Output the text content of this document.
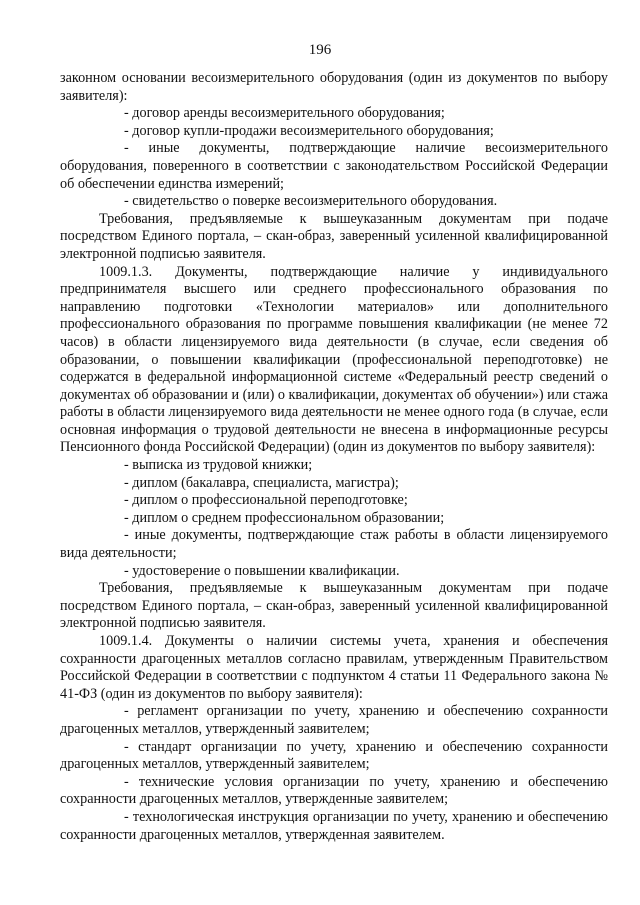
196

законном основании весоизмерительного оборудования (один из документов по выбору заявителя):

- договор аренды весоизмерительного оборудования;

- договор купли-продажи весоизмерительного оборудования;

- иные документы, подтверждающие наличие весоизмерительного оборудования, поверенного в соответствии с законодательством Российской Федерации об обеспечении единства измерений;

- свидетельство о поверке весоизмерительного оборудования.

Требования, предъявляемые к вышеуказанным документам при подаче посредством Единого портала, – скан-образ, заверенный усиленной квалифицированной электронной подписью заявителя.

1009.1.3. Документы, подтверждающие наличие у индивидуального предпринимателя высшего или среднего профессионального образования по направлению подготовки «Технологии материалов» или дополнительного профессионального образования по программе повышения квалификации (не менее 72 часов) в области лицензируемого вида деятельности (в случае, если сведения об образовании, о повышении квалификации (профессиональной переподготовке) не содержатся в федеральной информационной системе «Федеральный реестр сведений о документах об образовании и (или) о квалификации, документах об обучении») или стажа работы в области лицензируемого вида деятельности не менее одного года (в случае, если основная информация о трудовой деятельности не внесена в информационные ресурсы Пенсионного фонда Российской Федерации) (один из документов по выбору заявителя):

- выписка из трудовой книжки;

- диплом (бакалавра, специалиста, магистра);

- диплом о профессиональной переподготовке;

- диплом о среднем профессиональном образовании;

- иные документы, подтверждающие стаж работы в области лицензируемого вида деятельности;

- удостоверение о повышении квалификации.

Требования, предъявляемые к вышеуказанным документам при подаче посредством Единого портала, – скан-образ, заверенный усиленной квалифицированной электронной подписью заявителя.

1009.1.4. Документы о наличии системы учета, хранения и обеспечения сохранности драгоценных металлов согласно правилам, утвержденным Правительством Российской Федерации в соответствии с подпунктом 4 статьи 11 Федерального закона № 41-ФЗ (один из документов по выбору заявителя):

- регламент организации по учету, хранению и обеспечению сохранности драгоценных металлов, утвержденный заявителем;

- стандарт организации по учету, хранению и обеспечению сохранности драгоценных металлов, утвержденный заявителем;

- технические условия организации по учету, хранению и обеспечению сохранности драгоценных металлов, утвержденные заявителем;

- технологическая инструкция организации по учету, хранению и обеспечению сохранности драгоценных металлов, утвержденная заявителем.
